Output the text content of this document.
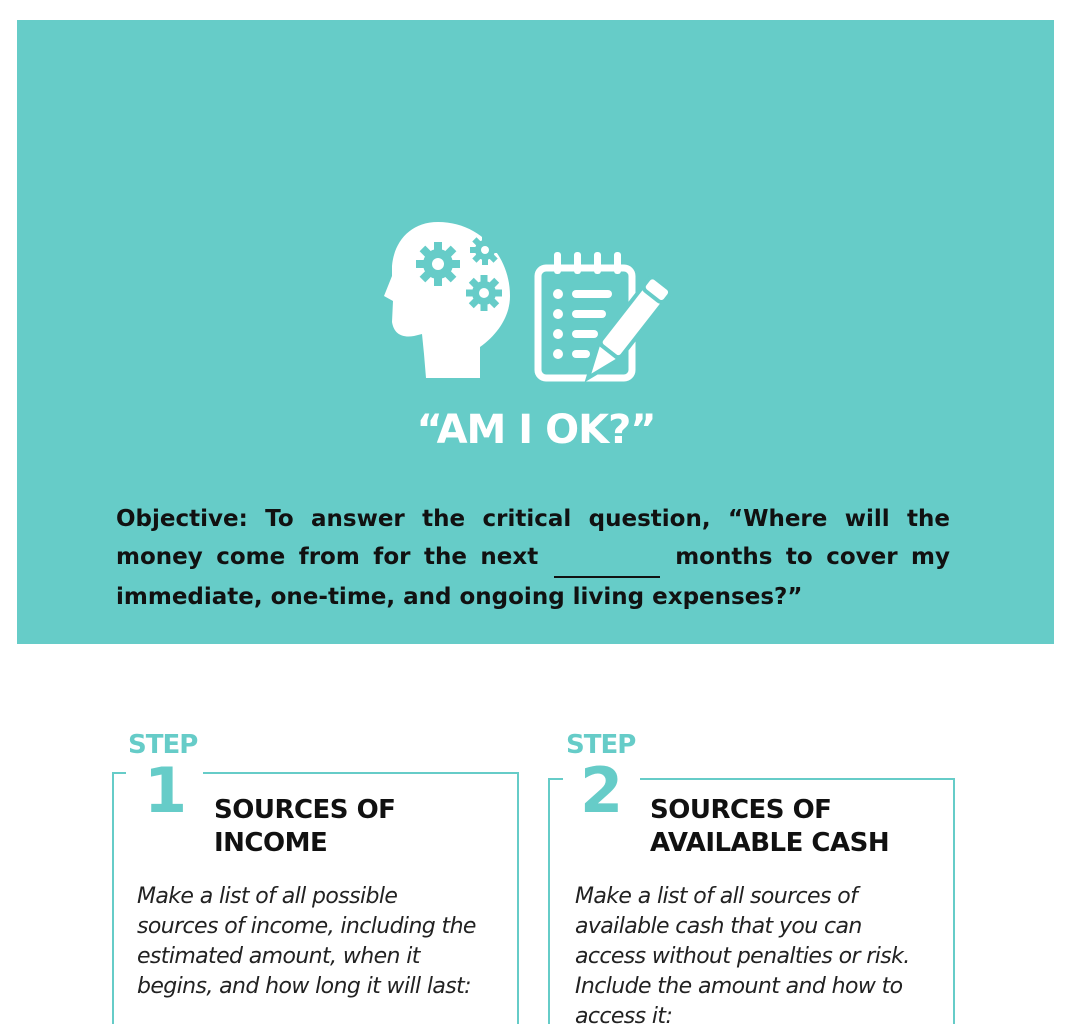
“AM I OK?”

Objective: To answer the critical question, “Where will the money come from for the next	months to cover my immediate, one-time, and ongoing living expenses?”

STEP
1 SOURCES OF
INCOME

Make a list of all possible
sources of income, including the
estimated amount, when it
begins, and how long it will last:

STEP
2 SOURCES OF
AVAILABLE CASH

Make a list of all sources of
available cash that you can
access without penalties or risk.
Include the amount and how to
access it:
